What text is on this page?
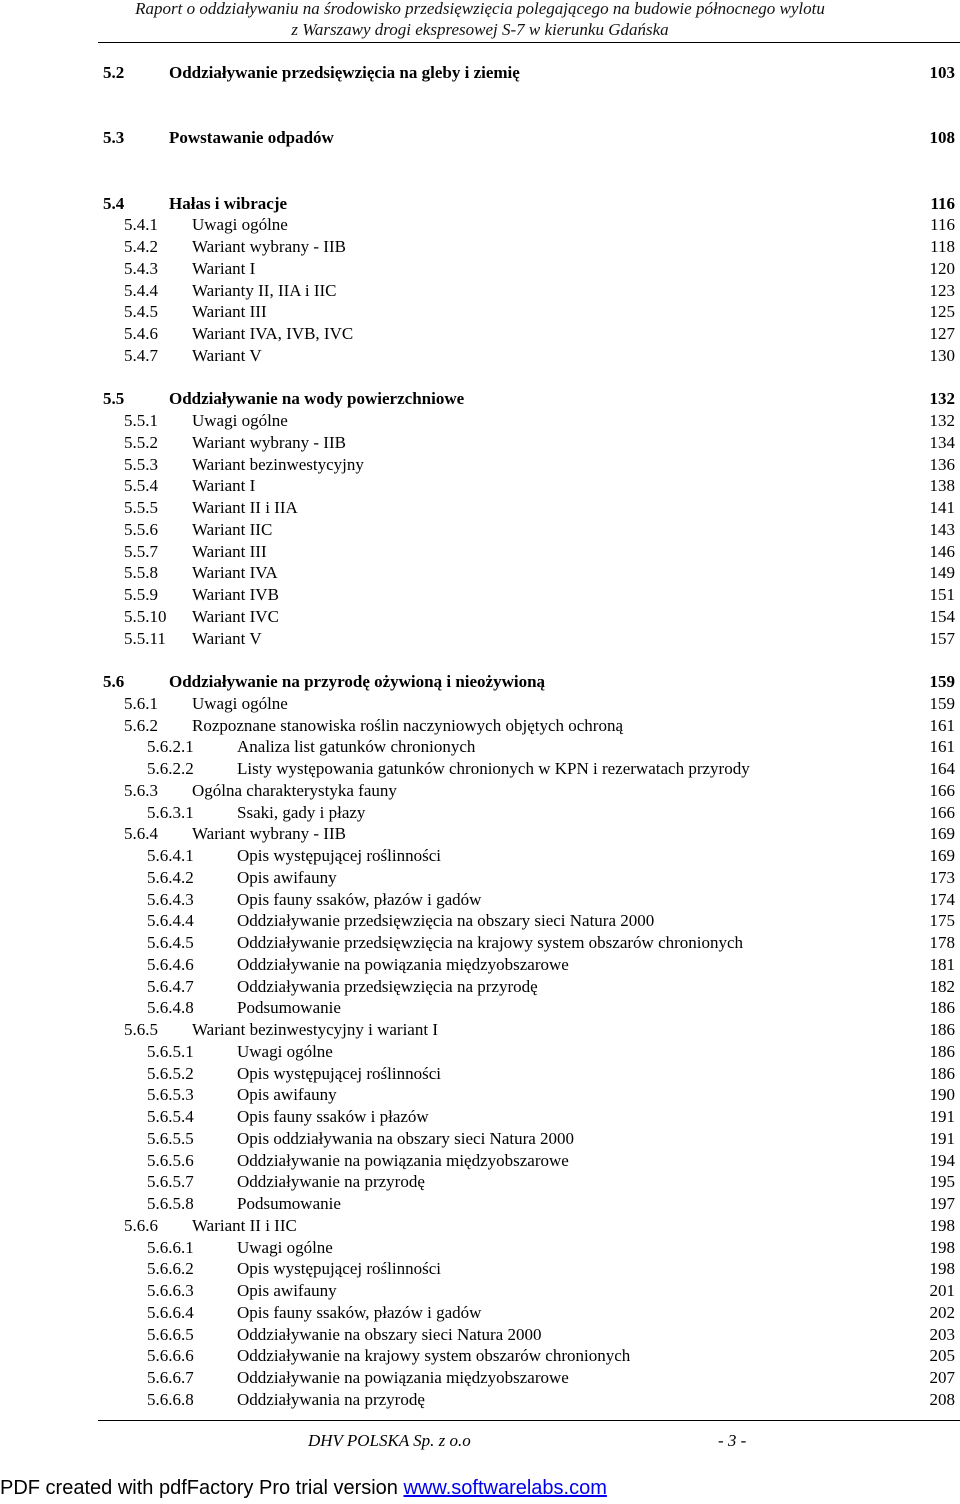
Raport o oddziaływaniu na środowisko przedsięwzięcia polegającego na budowie północnego wylotu
z Warszawy drogi ekspresowej S-7 w kierunku Gdańska
5.2	Oddziaływanie przedsięwzięcia na gleby i ziemię	103
5.3	Powstawanie odpadów	108
5.4	Hałas i wibracje	116
5.4.1 Uwagi ogólne	116
5.4.2 Wariant wybrany - IIB	118
5.4.3 Wariant I	120
5.4.4 Warianty II, IIA i IIC	123
5.4.5 Wariant III	125
5.4.6 Wariant IVA, IVB, IVC	127
5.4.7 Wariant V	130
5.5	Oddziaływanie na wody powierzchniowe	132
5.5.1 Uwagi ogólne	132
5.5.2 Wariant wybrany - IIB	134
5.5.3 Wariant bezinwestycyjny	136
5.5.4 Wariant I	138
5.5.5 Wariant II i IIA	141
5.5.6 Wariant IIC	143
5.5.7 Wariant III	146
5.5.8 Wariant IVA	149
5.5.9 Wariant IVB	151
5.5.10 Wariant IVC	154
5.5.11 Wariant V	157
5.6	Oddziaływanie na przyrodę ożywioną i nieożywioną	159
5.6.1 Uwagi ogólne	159
5.6.2 Rozpoznane stanowiska roślin naczyniowych objętych ochroną	161
5.6.2.1	Analiza list gatunków chronionych	161
5.6.2.2	Listy występowania gatunków chronionych w KPN i rezerwatach przyrody	164
5.6.3 Ogólna charakterystyka fauny	166
5.6.3.1	Ssaki, gady i płazy	166
5.6.4 Wariant wybrany - IIB	169
5.6.4.1	Opis występującej roślinności	169
5.6.4.2	Opis awifauny	173
5.6.4.3	Opis fauny ssaków, płazów i gadów	174
5.6.4.4	Oddziaływanie przedsięwzięcia na obszary sieci Natura 2000	175
5.6.4.5	Oddziaływanie przedsięwzięcia na krajowy system obszarów chronionych	178
5.6.4.6	Oddziaływanie na powiązania międzyobszarowe	181
5.6.4.7	Oddziaływania przedsięwzięcia na przyrodę	182
5.6.4.8	Podsumowanie	186
5.6.5 Wariant bezinwestycyjny i wariant I	186
5.6.5.1	Uwagi ogólne	186
5.6.5.2	Opis występującej roślinności	186
5.6.5.3	Opis awifauny	190
5.6.5.4	Opis fauny ssaków i płazów	191
5.6.5.5	Opis oddziaływania na obszary sieci Natura 2000	191
5.6.5.6	Oddziaływanie na powiązania międzyobszarowe	194
5.6.5.7	Oddziaływanie na przyrodę	195
5.6.5.8	Podsumowanie	197
5.6.6 Wariant II i IIC	198
5.6.6.1	Uwagi ogólne	198
5.6.6.2	Opis występującej roślinności	198
5.6.6.3	Opis awifauny	201
5.6.6.4	Opis fauny ssaków, płazów i gadów	202
5.6.6.5	Oddziaływanie na obszary sieci Natura 2000	203
5.6.6.6	Oddziaływanie na krajowy system obszarów chronionych	205
5.6.6.7	Oddziaływanie na powiązania międzyobszarowe	207
5.6.6.8	Oddziaływania na przyrodę	208
DHV POLSKA Sp. z o.o	- 3 -
PDF created with pdfFactory Pro trial version www.softwarelabs.com
